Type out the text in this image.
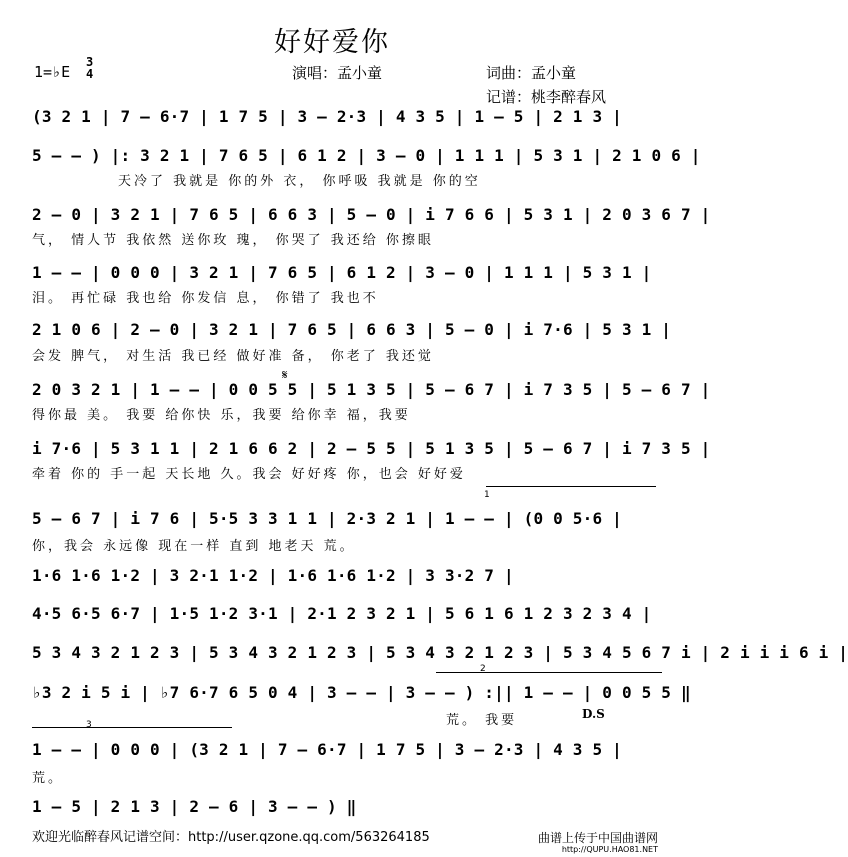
好好爱你
1=♭E
3
4	演唱：孟小童	词曲：孟小童
记谱：桃李醉春风
(3 2 1 | 7 – 6·7 | 1 7 5 | 3 – 2·3 | 4 3 5 | 1 – 5 | 2 1 3 |
5 – – ) |: 3 2 1 | 7 6 5 | 6 1 2 | 3 – 0 | 1 1 1 | 5 3 1 | 2 1 0 6 |
天冷了 我就是 你的外 衣， 你呼吸 我就是 你的空
2 – 0 | 3 2 1 | 7 6 5 | 6 6 3 | 5 – 0 | i 7 6 6 | 5 3 1 | 2 0 3 6 7 |
气， 情人节 我依然 送你玫 瑰， 你哭了 我还给 你擦眼
1 – – | 0 0 0 | 3 2 1 | 7 6 5 | 6 1 2 | 3 – 0 | 1 1 1 | 5 3 1 |
泪。 再忙碌 我也给 你发信 息， 你错了 我也不
2 1 0 6 | 2 – 0 | 3 2 1 | 7 6 5 | 6 6 3 | 5 – 0 | i 7·6 | 5 3 1 |
会发 脾气， 对生活 我已经 做好准 备， 你老了 我还觉
2 0 3 2 1 | 1 – – | 0 0 5 5 | 5 1 3 5 | 5 – 6 7 | i 7 3 5 | 5 – 6 7 |
𝄋
得你最 美。 我要 给你快 乐，我要 给你幸 福，我要
i 7·6 | 5 3 1 1 | 2 1 6 6 2 | 2 – 5 5 | 5 1 3 5 | 5 – 6 7 | i 7 3 5 |
牵着 你的 手一起 天长地 久。我会 好好疼 你，也会 好好爱
1
5 – 6 7 | i 7 6 | 5·5 3 3 1 1 | 2·3 2 1 | 1 – – | (0 0 5·6 |
你，我会 永远像 现在一样 直到 地老天 荒。
1·6 1·6 1·2 | 3 2·1 1·2 | 1·6 1·6 1·2 | 3 3·2 7 |
4·5 6·5 6·7 | 1·5 1·2 3·1 | 2·1 2 3 2 1 | 5 6 1 6 1 2 3 2 3 4 |
5 3 4 3 2 1 2 3 | 5 3 4 3 2 1 2 3 | 5 3 4 3 2 1 2 3 | 5 3 4 5 6 7 i | 2 i i i 6 i |
2
♭3 2 i 5 i | ♭7 6·7 6 5 0 4 | 3 – – | 3 – – ) :|| 1 – – | 0 0 5 5 ‖
荒。 我要	D.S
3
1 – – | 0 0 0 | (3 2 1 | 7 – 6·7 | 1 7 5 | 3 – 2·3 | 4 3 5 |
荒。
1 – 5 | 2 1 3 | 2 – 6 | 3 – – ) ‖
欢迎光临醉春风记谱空间：http://user.qzone.qq.com/563264185	曲谱上传于中国曲谱网
http://QUPU.HAO81.NET
